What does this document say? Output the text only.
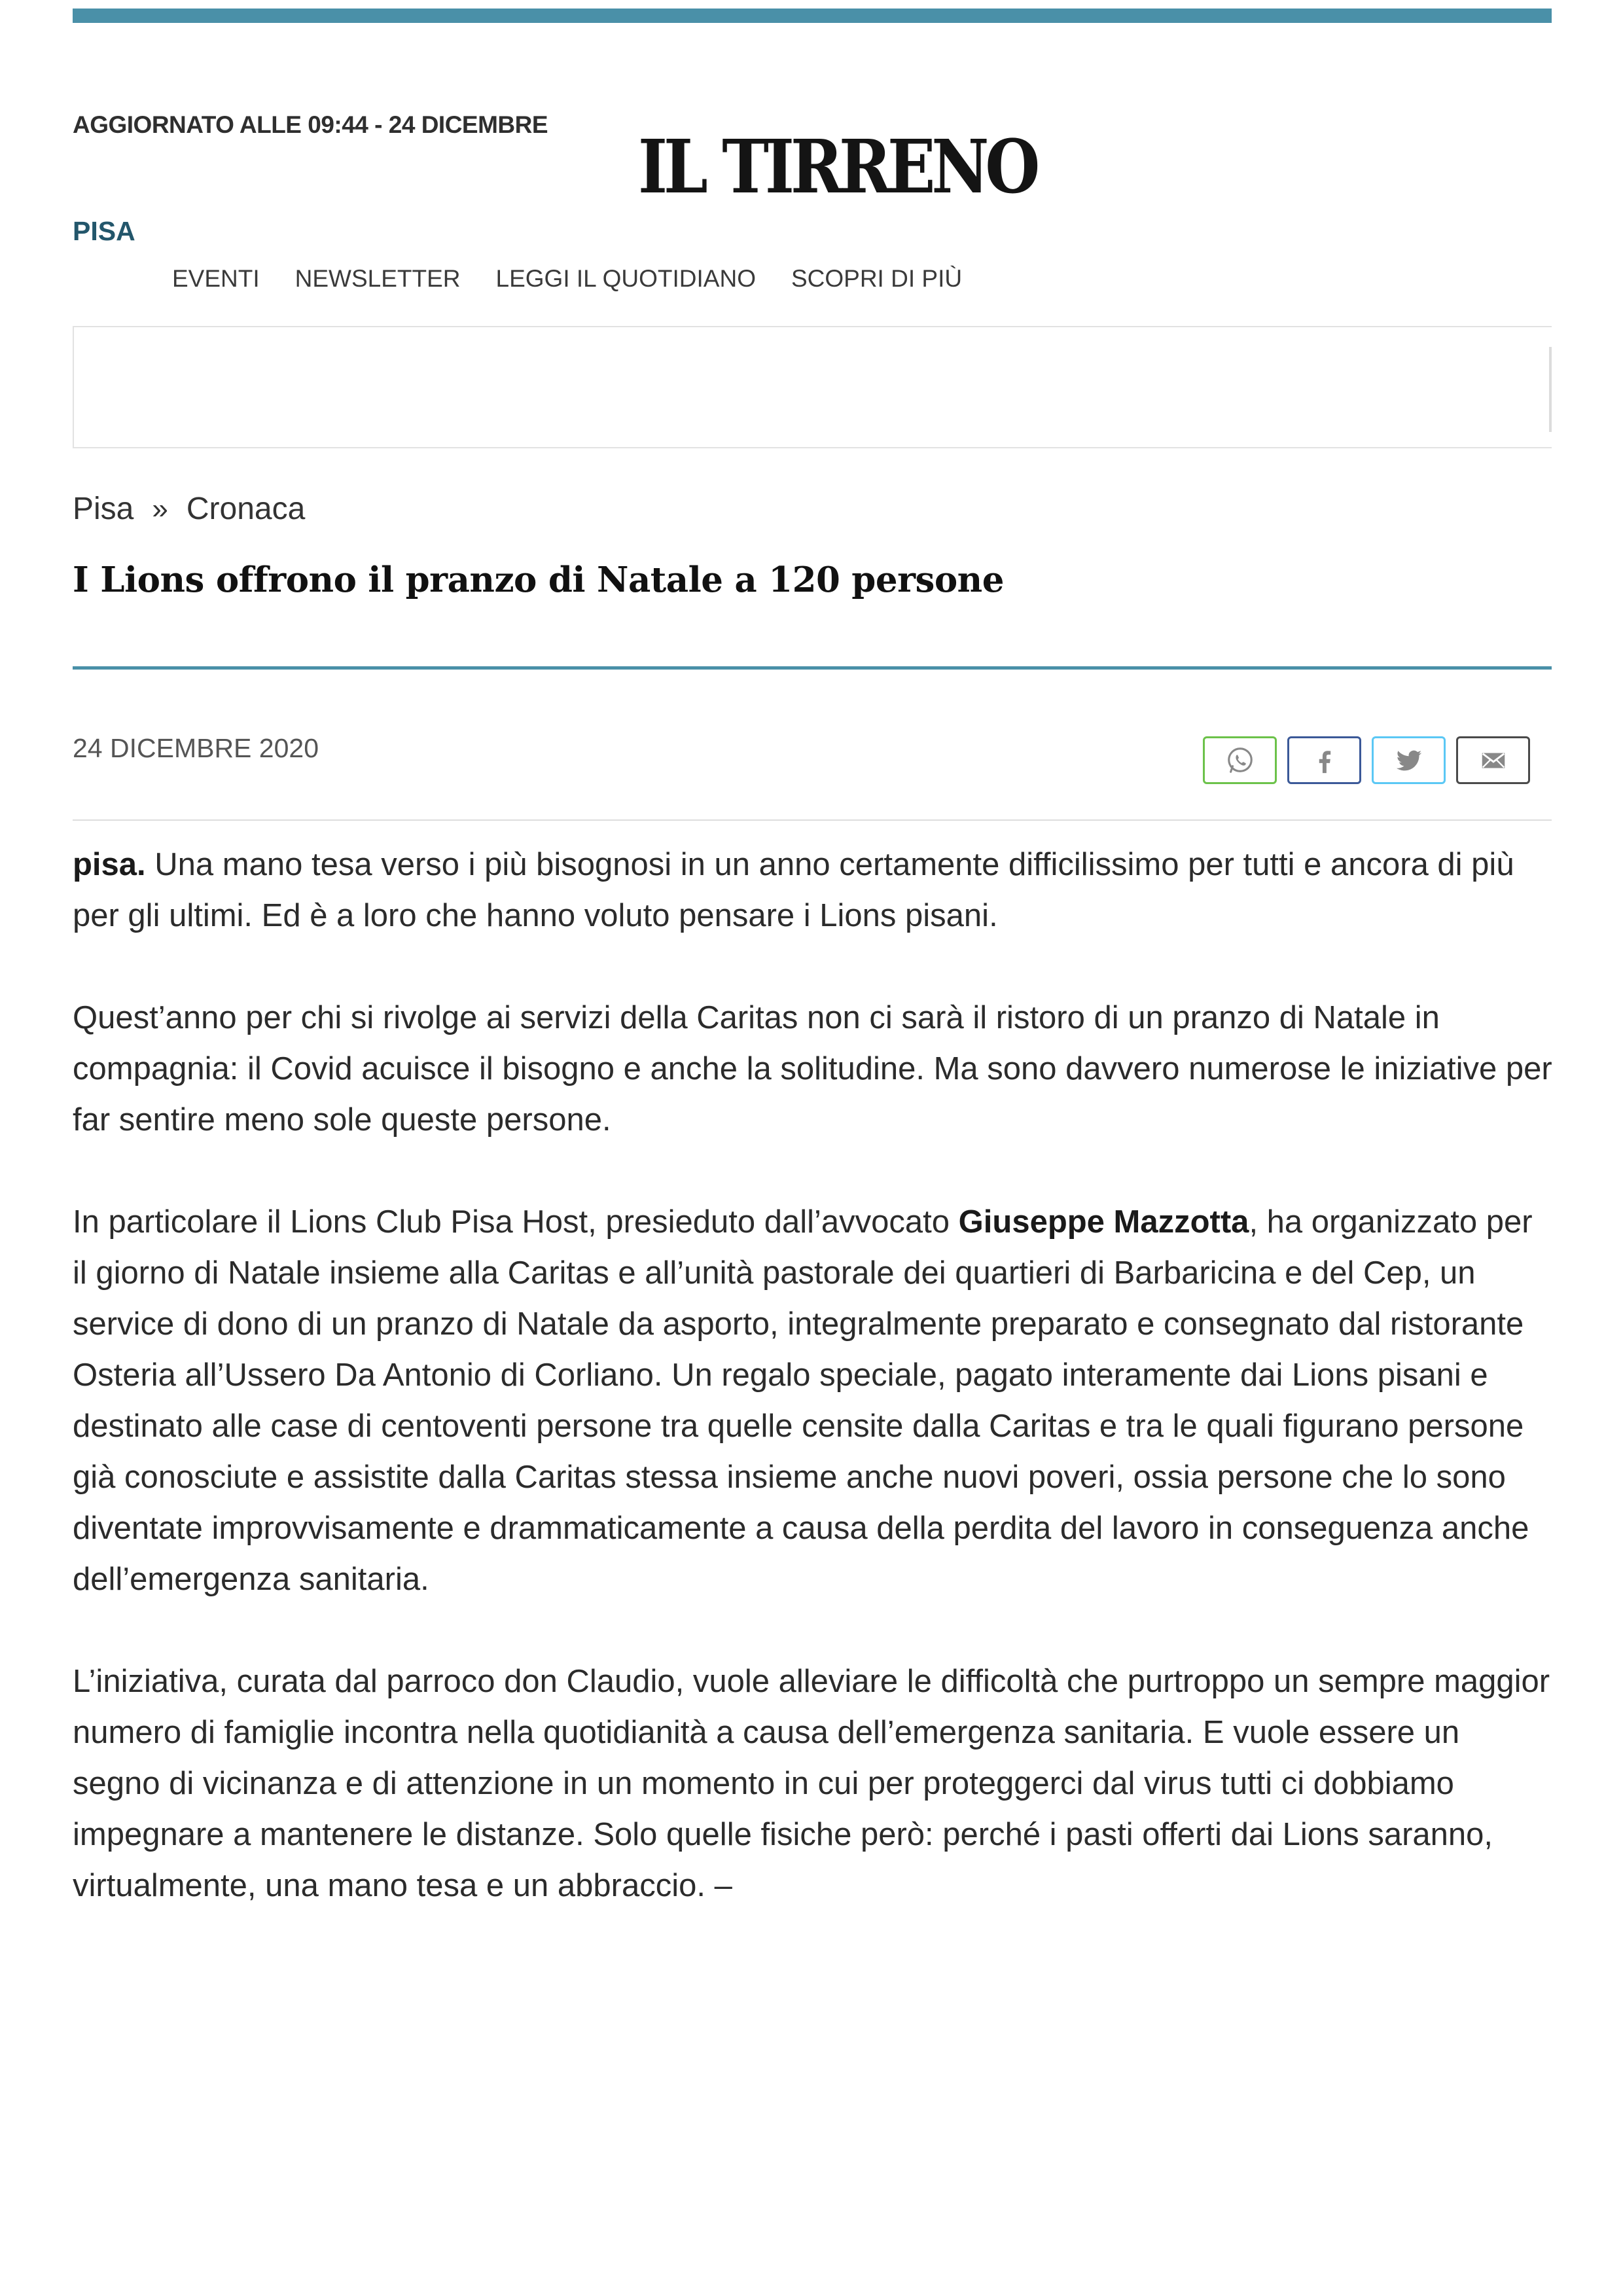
AGGIORNATO ALLE 09:44 - 24 DICEMBRE IL TIRRENO
PISA
EVENTI NEWSLETTER LEGGI IL QUOTIDIANO SCOPRI DI PIÙ
Pisa » Cronaca
I Lions offrono il pranzo di Natale a 120 persone
24 DICEMBRE 2020

pisa. Una mano tesa verso i più bisognosi in un anno certamente difficilissimo per tutti e ancora di più per gli ultimi. Ed è a loro che hanno voluto pensare i Lions pisani.

Quest’anno per chi si rivolge ai servizi della Caritas non ci sarà il ristoro di un pranzo di Natale in compagnia: il Covid acuisce il bisogno e anche la solitudine. Ma sono davvero numerose le iniziative per far sentire meno sole queste persone.

In particolare il Lions Club Pisa Host, presieduto dall’avvocato Giuseppe Mazzotta, ha organizzato per il giorno di Natale insieme alla Caritas e all’unità pastorale dei quartieri di Barbaricina e del Cep, un service di dono di un pranzo di Natale da asporto, integralmente preparato e consegnato dal ristorante Osteria all’Ussero Da Antonio di Corliano. Un regalo speciale, pagato interamente dai Lions pisani e destinato alle case di centoventi persone tra quelle censite dalla Caritas e tra le quali figurano persone già conosciute e assistite dalla Caritas stessa insieme anche nuovi poveri, ossia persone che lo sono diventate improvvisamente e drammaticamente a causa della perdita del lavoro in conseguenza anche dell’emergenza sanitaria.

L’iniziativa, curata dal parroco don Claudio, vuole alleviare le difficoltà che purtroppo un sempre maggior numero di famiglie incontra nella quotidianità a causa dell’emergenza sanitaria. E vuole essere un segno di vicinanza e di attenzione in un momento in cui per proteggerci dal virus tutti ci dobbiamo impegnare a mantenere le distanze. Solo quelle fisiche però: perché i pasti offerti dai Lions saranno, virtualmente, una mano tesa e un abbraccio. –
